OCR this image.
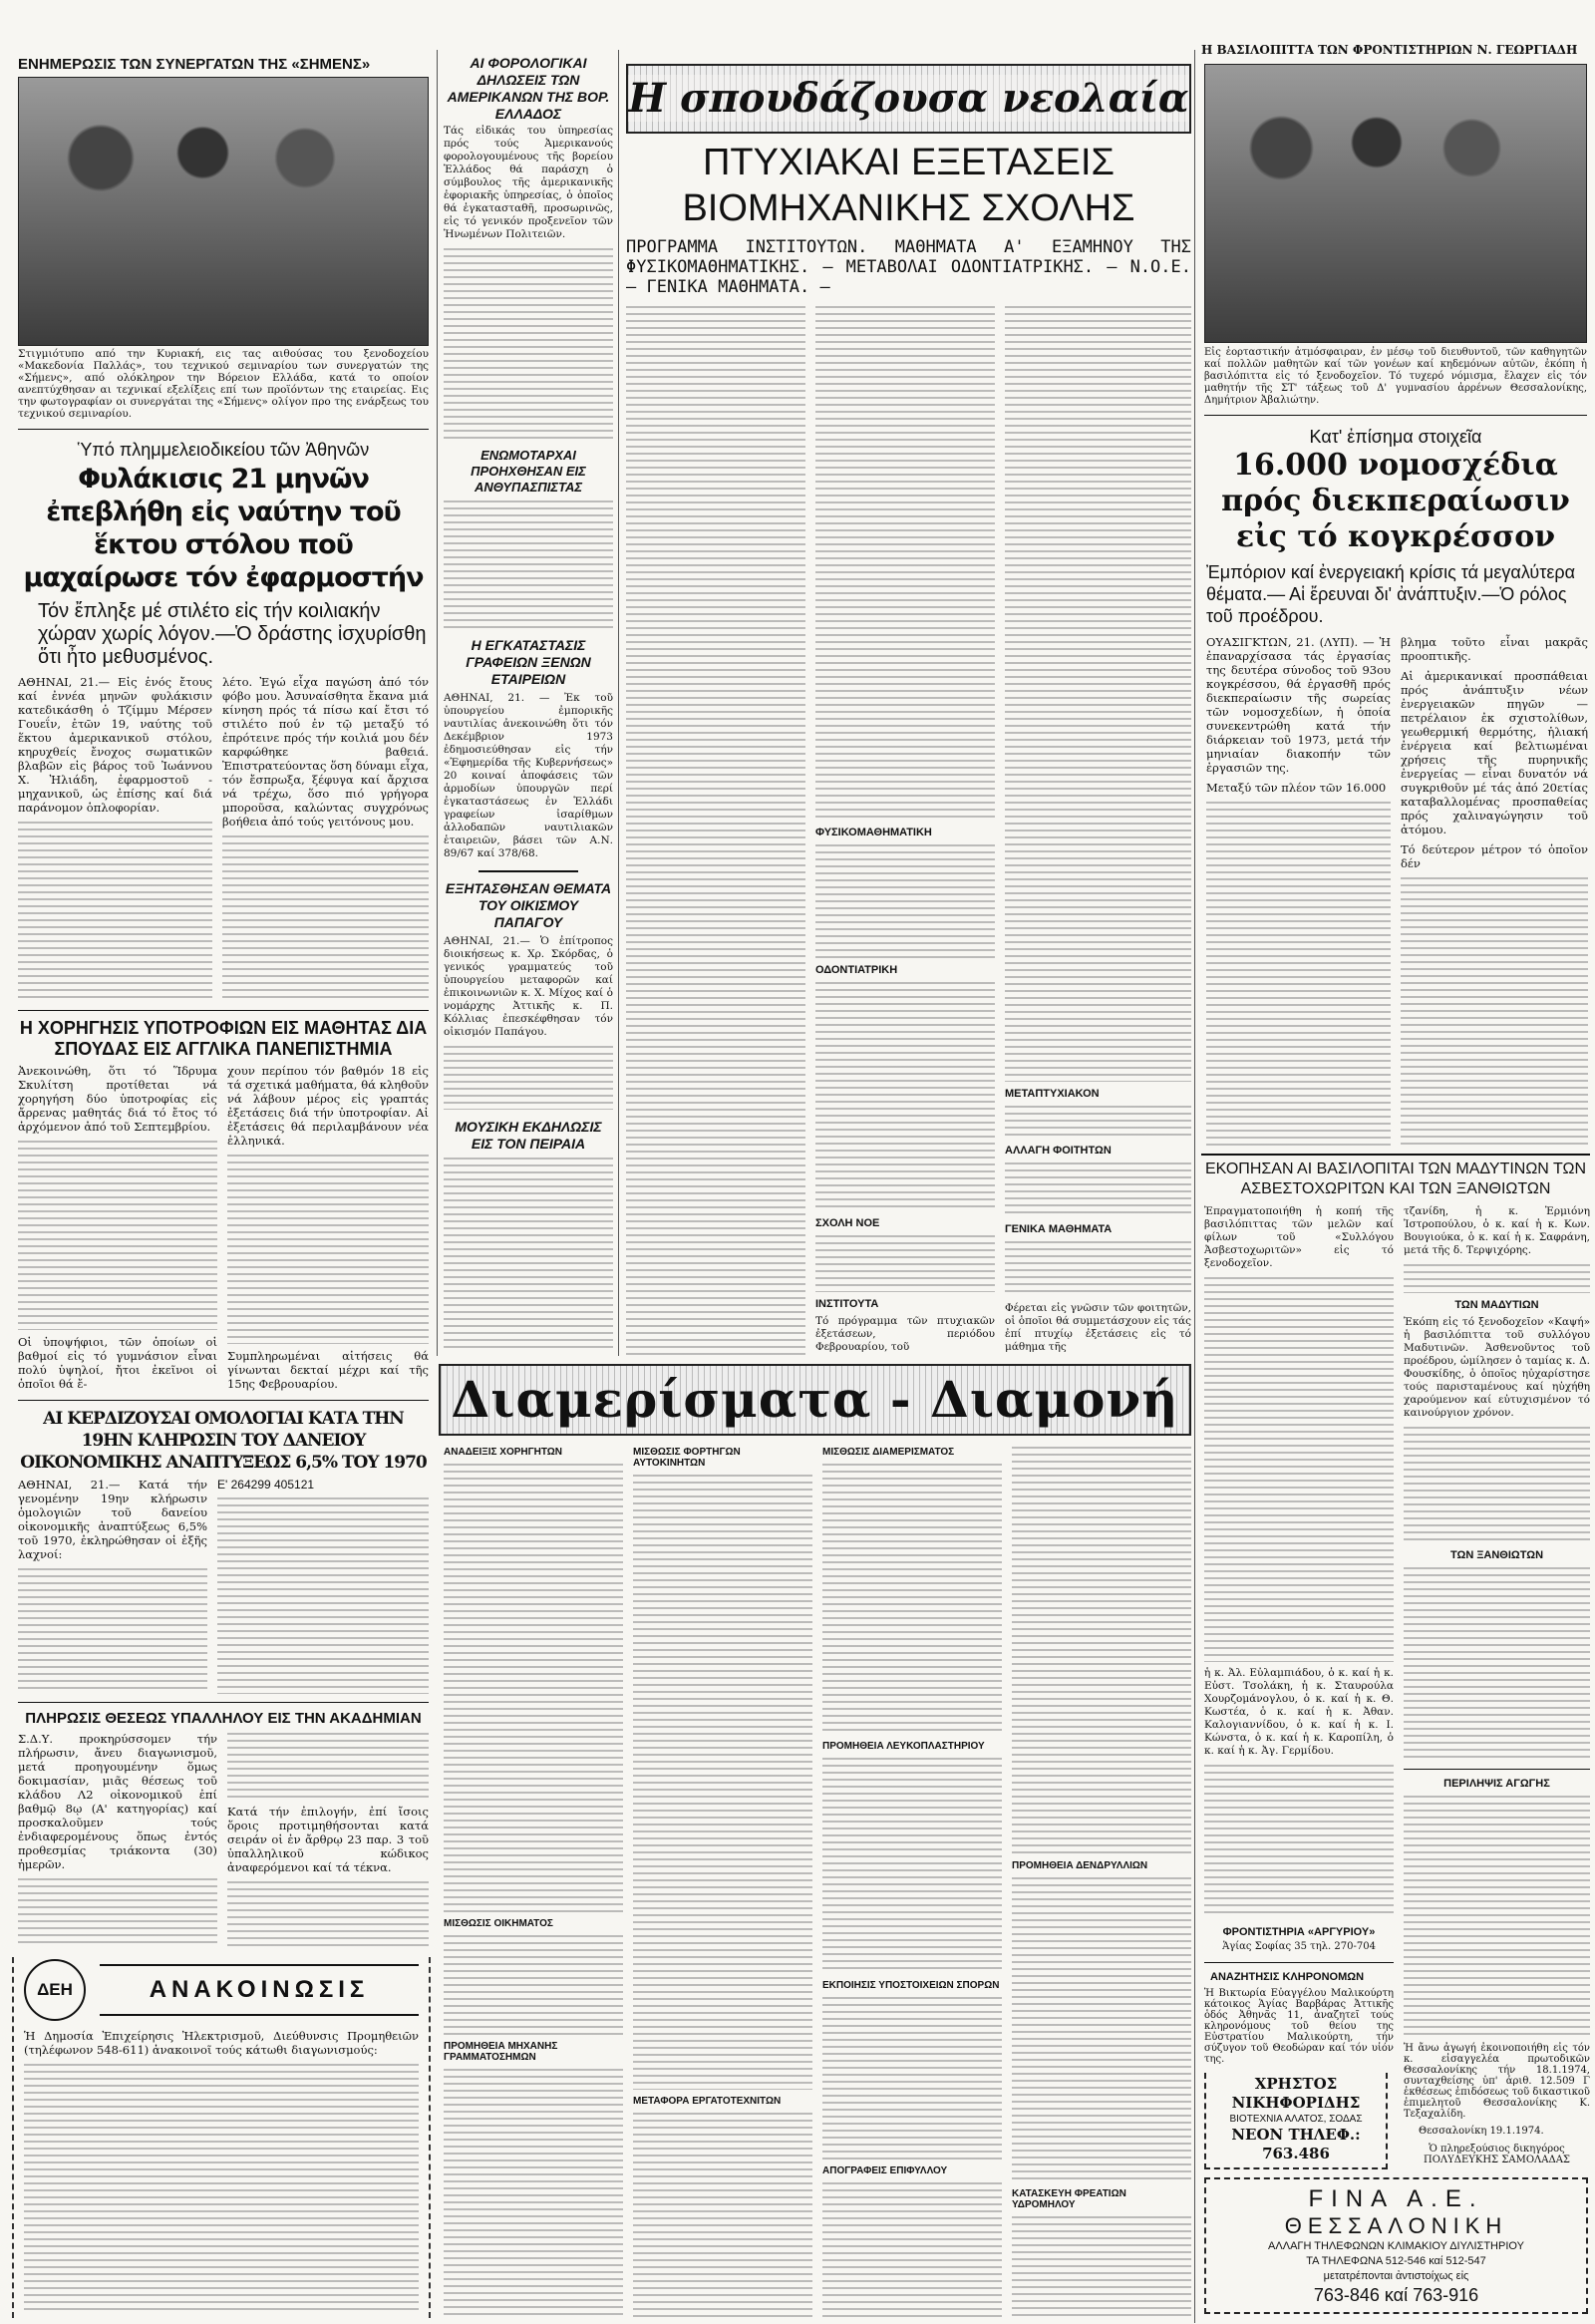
ΕΝΗΜΕΡΩΣΙΣ ΤΩΝ ΣΥΝΕΡΓΑΤΩΝ ΤΗΣ «ΣΗΜΕΝΣ»
Στιγμιότυπο από την Κυριακή, εις τας αιθούσας του ξενοδοχείου «Μακεδονία Παλλάς», του τεχνικού σεμιναρίου των συνεργατών της «Σήμενς», από ολόκληρον την Βόρειον Ελλάδα, κατά το οποίον ανεπτύχθησαν αι τεχνικαί εξελίξεις επί των προϊόντων της εταιρείας. Εις την φωτογραφίαν οι συνεργάται της «Σήμενς» ολίγον προ της ενάρξεως του τεχνικού σεμιναρίου.
Ὑπό πλημμελειοδικείου τῶν Ἀθηνῶν
Φυλάκισις 21 μηνῶν ἐπεβλήθη εἰς ναύτην τοῦ ἕκτου στόλου ποῦ μαχαίρωσε τόν ἐφαρμοστήν
Τόν ἔπληξε μέ στιλέτο εἰς τήν κοιλιακήν χώραν χωρίς λόγον.—Ὁ δράστης ἰσχυρίσθη ὅτι ἦτο μεθυσμένος.
ΑΘΗΝΑΙ, 21.— Εἰς ἑνός ἔτους καί ἐννέα μηνῶν φυλάκισιν κατεδικάσθη ὁ Τζίμμυ Μέρσεν Γουεΐν, ἐτῶν 19, ναύτης τοῦ ἕκτου ἀμερικανικοῦ στόλου, κηρυχθείς ἔνοχος σωματικῶν βλαβῶν εἰς βάρος τοῦ Ἰωάννου Χ. Ἠλιάδη, ἐφαρμοστοῦ - μηχανικοῦ, ὡς ἐπίσης καί διά παράνομον ὁπλοφορίαν.
λέτο. Ἐγώ εἶχα παγώση ἀπό τόν φόβο μου. Ἀσυναίσθητα ἔκανα μιά κίνηση πρός τά πίσω καί ἔτσι τό στιλέτο πού ἐν τῷ μεταξύ τό ἐπρότεινε πρός τήν κοιλιά μου δέν καρφώθηκε βαθειά. Ἐπιστρατεύοντας ὅση δύναμι εἶχα, τόν ἔσπρωξα, ξέφυγα καί ἄρχισα νά τρέχω, ὅσο πιό γρήγορα μποροῦσα, καλώντας συγχρόνως βοήθεια ἀπό τούς γειτόνους μου.
Η ΧΟΡΗΓΗΣΙΣ ΥΠΟΤΡΟΦΙΩΝ ΕΙΣ ΜΑΘΗΤΑΣ ΔΙΑ ΣΠΟΥΔΑΣ ΕΙΣ ΑΓΓΛΙΚΑ ΠΑΝΕΠΙΣΤΗΜΙΑ
Ἀνεκοινώθη, ὅτι τό Ἵδρυμα Σκυλίτση προτίθεται νά χορηγήση δύο ὑποτροφίας εἰς ἄρρενας μαθητάς διά τό ἔτος τό ἀρχόμενον ἀπό τοῦ Σεπτεμβρίου.
Οἱ ὑποψήφιοι, τῶν ὁποίων οἱ βαθμοί εἰς τό γυμνάσιον εἶναι πολύ ὑψηλοί, ἤτοι ἐκεῖνοι οἱ ὁποῖοι θά ἔ-
χουν περίπου τόν βαθμόν 18 εἰς τά σχετικά μαθήματα, θά κληθοῦν νά λάβουν μέρος εἰς γραπτάς ἐξετάσεις διά τήν ὑποτροφίαν. Αἱ ἐξετάσεις θά περιλαμβάνουν νέα ἑλληνικά.
Συμπληρωμέναι αἰτήσεις θά γίνωνται δεκταί μέχρι καί τῆς 15ης Φεβρουαρίου.
ΑΙ ΚΕΡΔΙΖΟΥΣΑΙ ΟΜΟΛΟΓΙΑΙ ΚΑΤΑ ΤΗΝ 19ΗΝ ΚΛΗΡΩΣΙΝ ΤΟΥ ΔΑΝΕΙΟΥ ΟΙΚΟΝΟΜΙΚΗΣ ΑΝΑΠΤΥΞΕΩΣ 6,5% ΤΟΥ 1970
ΑΘΗΝΑΙ, 21.— Κατά τήν γενομένην 19ην κλήρωσιν ὁμολογιῶν τοῦ δανείου οἰκονομικῆς ἀναπτύξεως 6,5% τοῦ 1970, ἐκληρώθησαν οἱ ἑξῆς λαχνοί:
Ε' 264299 405121
ΠΛΗΡΩΣΙΣ ΘΕΣΕΩΣ ΥΠΑΛΛΗΛΟΥ ΕΙΣ ΤΗΝ ΑΚΑΔΗΜΙΑΝ
Σ.Δ.Υ. προκηρύσσομεν τήν πλήρωσιν, ἄνευ διαγωνισμοῦ, μετά προηγουμένην ὅμως δοκιμασίαν, μιᾶς θέσεως τοῦ κλάδου Λ2 οἰκονομικοῦ ἐπί βαθμῷ 8ῳ (Α' κατηγορίας) καί προσκαλοῦμεν τούς ἐνδιαφερομένους ὅπως ἐντός προθεσμίας τριάκοντα (30) ἡμερῶν.
Κατά τήν ἐπιλογήν, ἐπί ἴσοις ὅροις προτιμηθήσονται κατά σειράν οἱ ἐν ἄρθρῳ 23 παρ. 3 τοῦ ὑπαλληλικοῦ κώδικος ἀναφερόμενοι καί τά τέκνα.
ΔΕΗ	ΑΝΑΚΟΙΝΩΣΙΣ
Ἡ Δημοσία Ἐπιχείρησις Ἠλεκτρισμοῦ, Διεύθυνσις Προμηθειῶν (τηλέφωνον 548-611) ἀνακοινοῖ τούς κάτωθι διαγωνισμούς:
ΑΙ ΦΟΡΟΛΟΓΙΚΑΙ ΔΗΛΩΣΕΙΣ ΤΩΝ ΑΜΕΡΙΚΑΝΩΝ ΤΗΣ ΒΟΡ. ΕΛΛΑΔΟΣ
Τάς εἰδικάς του ὑπηρεσίας πρός τούς Ἀμερικανούς φορολογουμένους τῆς βορείου Ἑλλάδος θά παράσχη ὁ σύμβουλος τῆς ἀμερικανικῆς ἐφοριακῆς ὑπηρεσίας, ὁ ὁποῖος θά ἐγκατασταθῆ, προσωρινῶς, εἰς τό γενικόν προξενεῖον τῶν Ἡνωμένων Πολιτειῶν.
ΕΝΩΜΟΤΑΡΧΑΙ ΠΡΟΗΧΘΗΣΑΝ ΕΙΣ ΑΝΘΥΠΑΣΠΙΣΤΑΣ
Η ΕΓΚΑΤΑΣΤΑΣΙΣ ΓΡΑΦΕΙΩΝ ΞΕΝΩΝ ΕΤΑΙΡΕΙΩΝ
ΑΘΗΝΑΙ, 21. — Ἐκ τοῦ ὑπουργείου ἐμπορικῆς ναυτιλίας ἀνεκοινώθη ὅτι τόν Δεκέμβριον 1973 ἐδημοσιεύθησαν εἰς τήν «Ἐφημερίδα τῆς Κυβερνήσεως» 20 κοιναί ἀποφάσεις τῶν ἁρμοδίων ὑπουργῶν περί ἐγκαταστάσεως ἐν Ἑλλάδι γραφείων ἰσαρίθμων ἀλλοδαπῶν ναυτιλιακῶν ἑταιρειῶν, βάσει τῶν Α.Ν. 89/67 καί 378/68.
ΕΞΗΤΑΣΘΗΣΑΝ ΘΕΜΑΤΑ ΤΟΥ ΟΙΚΙΣΜΟΥ ΠΑΠΑΓΟΥ
ΑΘΗΝΑΙ, 21.— Ὁ ἐπίτροπος διοικήσεως κ. Χρ. Σκόρδας, ὁ γενικός γραμματεύς τοῦ ὑπουργείου μεταφορῶν καί ἐπικοινωνιῶν κ. Χ. Μίχος καί ὁ νομάρχης Ἀττικῆς κ. Π. Κόλλιας ἐπεσκέφθησαν τόν οἰκισμόν Παπάγου.
ΜΟΥΣΙΚΗ ΕΚΔΗΛΩΣΙΣ ΕΙΣ ΤΟΝ ΠΕΙΡΑΙΑ
Η σπουδάζουσα νεολαία
ΠΤΥΧΙΑΚΑΙ ΕΞΕΤΑΣΕΙΣ ΒΙΟΜΗΧΑΝΙΚΗΣ ΣΧΟΛΗΣ
ΠΡΟΓΡΑΜΜΑ ΙΝΣΤΙΤΟΥΤΩΝ. ΜΑΘΗΜΑΤΑ Α' ΕΞΑΜΗΝΟΥ ΤΗΣ ΦΥΣΙΚΟΜΑΘΗΜΑΤΙΚΗΣ. — ΜΕΤΑΒΟΛΑΙ ΟΔΟΝΤΙΑΤΡΙΚΗΣ. — Ν.Ο.Ε. — ΓΕΝΙΚΑ ΜΑΘΗΜΑΤΑ. —
ΦΥΣΙΚΟΜΑΘΗΜΑΤΙΚΗ
ΟΔΟΝΤΙΑΤΡΙΚΗ
ΣΧΟΛΗ ΝΟΕ
ΙΝΣΤΙΤΟΥΤΑ
Τό πρόγραμμα τῶν πτυχιακῶν ἐξετάσεων, περιόδου Φεβρουαρίου, τοῦ
ΜΕΤΑΠΤΥΧΙΑΚΟΝ
ΑΛΛΑΓΗ ΦΟΙΤΗΤΩΝ
ΓΕΝΙΚΑ ΜΑΘΗΜΑΤΑ
Φέρεται εἰς γνῶσιν τῶν φοιτητῶν, οἱ ὁποῖοι θά συμμετάσχουν εἰς τάς ἐπί πτυχίῳ ἐξετάσεις εἰς τό μάθημα τῆς
Διαμερίσματα - Διαμονή
ΑΝΑΔΕΙΞΙΣ ΧΟΡΗΓΗΤΩΝ
ΜΙΣΘΩΣΙΣ ΟΙΚΗΜΑΤΟΣ
ΠΡΟΜΗΘΕΙΑ ΜΗΧΑΝΗΣ ΓΡΑΜΜΑΤΟΣΗΜΩΝ
ΜΙΣΘΩΣΙΣ ΦΟΡΤΗΓΩΝ ΑΥΤΟΚΙΝΗΤΩΝ
ΜΕΤΑΦΟΡΑ ΕΡΓΑΤΟΤΕΧΝΙΤΩΝ
ΜΙΣΘΩΣΙΣ ΔΙΑΜΕΡΙΣΜΑΤΟΣ
ΠΡΟΜΗΘΕΙΑ ΛΕΥΚΟΠΛΑΣΤΗΡΙΟΥ
ΕΚΠΟΙΗΣΙΣ ΥΠΟΣΤΟΙΧΕΙΩΝ ΣΠΟΡΩΝ
ΑΠΟΓΡΑΦΕΙΣ ΕΠΙΦΥΛΛΟΥ
ΠΡΟΜΗΘΕΙΑ ΔΕΝΔΡΥΛΛΙΩΝ
ΚΑΤΑΣΚΕΥΗ ΦΡΕΑΤΙΩΝ ΥΔΡΟΜΗΛΟΥ
Η ΒΑΣΙΛΟΠΙΤΤΑ ΤΩΝ ΦΡΟΝΤΙΣΤΗΡΙΩΝ Ν. ΓΕΩΡΓΙΑΔΗ
Εἰς ἑορταστικήν ἀτμόσφαιραν, ἐν μέσῳ τοῦ διευθυντοῦ, τῶν καθηγητῶν καί πολλῶν μαθητῶν καί τῶν γονέων καί κηδεμόνων αὐτῶν, ἐκόπη ἡ βασιλόπιττα εἰς τό ξενοδοχεῖον. Τό τυχερό νόμισμα, ἔλαχεν εἰς τόν μαθητήν τῆς ΣΤ' τάξεως τοῦ Δ' γυμνασίου ἀρρένων Θεσσαλονίκης, Δημήτριον Ἀβαλιώτην.
Κατ' ἐπίσημα στοιχεῖα
16.000 νομοσχέδια πρός διεκπεραίωσιν εἰς τό κογκρέσσον
Ἐμπόριον καί ἐνεργειακή κρίσις τά μεγαλύτερα θέματα.— Αἱ ἔρευναι δι' ἀνάπτυξιν.—Ὁ ρόλος τοῦ προέδρου.
ΟΥΑΣΙΓΚΤΩΝ, 21. (ΛΥΠ). — Ἡ ἐπαναρχίσασα τάς ἐργασίας της δευτέρα σύνοδος τοῦ 93ου κογκρέσσου, θά ἐργασθῆ πρός διεκπεραίωσιν τῆς σωρείας τῶν νομοσχεδίων, ἡ ὁποία συνεκεντρώθη κατά τήν διάρκειαν τοῦ 1973, μετά τήν μηνιαίαν διακοπήν τῶν ἐργασιῶν της.
Μεταξύ τῶν πλέον τῶν 16.000
βλημα τοῦτο εἶναι μακρᾶς προοπτικῆς.
Αἱ ἀμερικανικαί προσπάθειαι πρός ἀνάπτυξιν νέων ἐνεργειακῶν πηγῶν — πετρέλαιον ἐκ σχιστολίθων, γεωθερμική θερμότης, ἡλιακή ἐνέργεια καί βελτιωμέναι χρήσεις τῆς πυρηνικῆς ἐνεργείας — εἶναι δυνατόν νά συγκριθοῦν μέ τάς ἀπό 20ετίας καταβαλλομένας προσπαθείας πρός χαλιναγώγησιν τοῦ ἀτόμου.
Τό δεύτερον μέτρον τό ὁποῖον δέν
ΕΚΟΠΗΣΑΝ ΑΙ ΒΑΣΙΛΟΠΙΤΑΙ ΤΩΝ ΜΑΔΥΤΙΝΩΝ ΤΩΝ ΑΣΒΕΣΤΟΧΩΡΙΤΩΝ ΚΑΙ ΤΩΝ ΞΑΝΘΙΩΤΩΝ
Ἐπραγματοποιήθη ἡ κοπή τῆς βασιλόπιττας τῶν μελῶν καί φίλων τοῦ «Συλλόγου Ἀσβεστοχωριτῶν» εἰς τό ξενοδοχεῖον.
ἡ κ. Ἀλ. Εὐλαμπιάδου, ὁ κ. καί ἡ κ. Εὐστ. Τσολάκη, ἡ κ. Σταυρούλα Χουρζομάνογλου, ὁ κ. καί ἡ κ. Θ. Κωστέα, ὁ κ. καί ἡ κ. Ἀθαν. Καλογιαννίδου, ὁ κ. καί ἡ κ. Ι. Κώνστα, ὁ κ. καί ἡ κ. Καροπίλη, ὁ κ. καί ἡ κ. Ἀγ. Γερμίδου.
ΦΡΟΝΤΙΣΤΗΡΙΑ «ΑΡΓΥΡΙΟΥ»
Ἁγίας Σοφίας 35 τηλ. 270-704
ΑΝΑΖΗΤΗΣΙΣ ΚΛΗΡΟΝΟΜΩΝ
Ἡ Βικτωρία Εὐαγγέλου Μαλικούρτη κάτοικος Ἁγίας Βαρβάρας Ἀττικῆς ὁδός Ἀθηνᾶς 11, ἀναζητεῖ τούς κληρονόμους τοῦ θείου της Εὐστρατίου Μαλικούρτη, τήν σύζυγον τοῦ Θεοδώραν καί τόν υἱόν της.
ΧΡΗΣΤΟΣ ΝΙΚΗΦΟΡΙΔΗΣ
ΒΙΟΤΕΧΝΙΑ ΑΛΑΤΟΣ, ΣΟΔΑΣ
ΝΕΟΝ ΤΗΛΕΦ.: 763.486
τζανίδη, ἡ κ. Ἑρμιόνη Ἰστροπούλου, ὁ κ. καί ἡ κ. Κων. Βουγιούκα, ὁ κ. καί ἡ κ. Σαφράνη, μετά τῆς δ. Τερψιχόρης.
ΤΩΝ ΜΑΔΥΤΙΩΝ
Ἐκόπη εἰς τό ξενοδοχεῖον «Καψή» ἡ βασιλόπιττα τοῦ συλλόγου Μαδυτινῶν. Ἀσθενοῦντος τοῦ προέδρου, ὡμίλησεν ὁ ταμίας κ. Δ. Φουσκίδης, ὁ ὁποῖος ηὐχαρίστησε τούς παρισταμένους καί ηὐχήθη χαρούμενον καί εὐτυχισμένον τό καινούργιον χρόνον.
ΤΩΝ ΞΑΝΘΙΩΤΩΝ
ΠΕΡΙΛΗΨΙΣ ΑΓΩΓΗΣ
Ἡ ἄνω ἀγωγή ἐκοινοποιήθη εἰς τόν κ. εἰσαγγελέα πρωτοδικῶν Θεσσαλονίκης τήν 18.1.1974, συνταχθείσης ὑπ' ἀριθ. 12.509 Γ ἐκθέσεως ἐπιδόσεως τοῦ δικαστικοῦ ἐπιμελητοῦ Θεσσαλονίκης Κ. Τεξαχαλίδη.
Θεσσαλονίκη 19.1.1974.
Ὁ πληρεξούσιος δικηγόρος ΠΟΛΥΔΕΥΚΗΣ ΣΑΜΟΛΑΔΑΣ
FINA A.E.
ΘΕΣΣΑΛΟΝΙΚΗ
ΑΛΛΑΓΗ ΤΗΛΕΦΩΝΩΝ ΚΛΙΜΑΚΙΟΥ ΔΙΥΛΙΣΤΗΡΙΟΥ
ΤΑ ΤΗΛΕΦΩΝΑ 512-546 καί 512-547
μετατρέπονται ἀντιστοίχως εἰς
763-846 καί 763-916
